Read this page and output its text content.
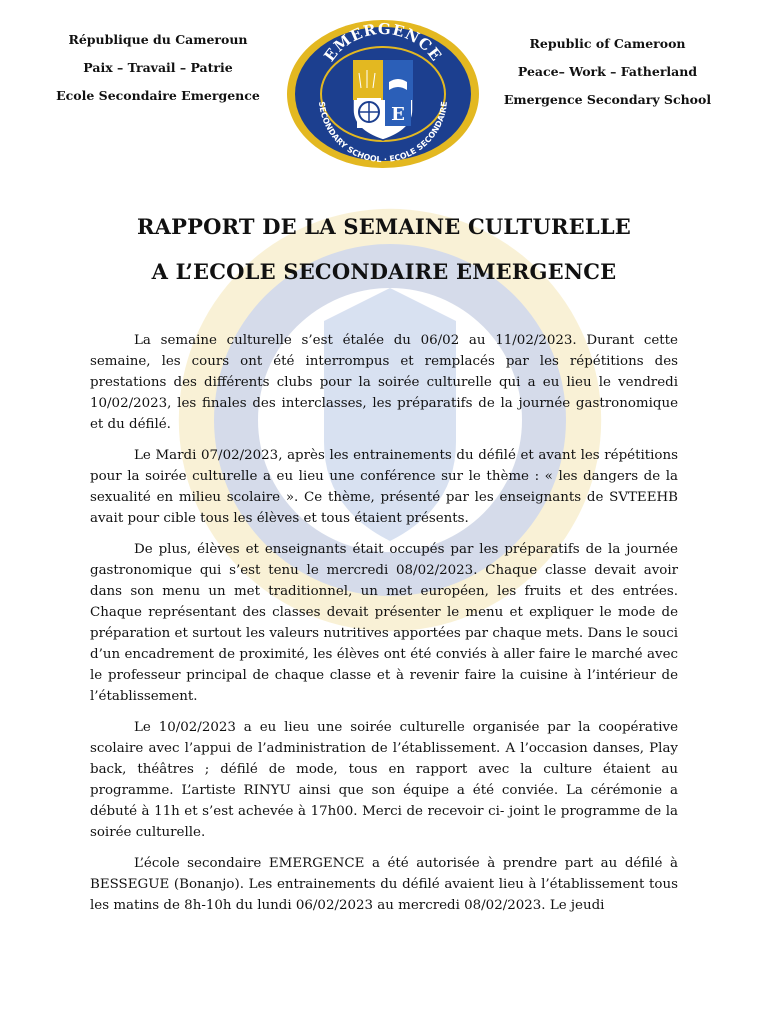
République du Cameroun
Paix – Travail – Patrie
Ecole Secondaire Emergence
EMERGENCE
SECONDARY SCHOOL · ECOLE SECONDAIRE
E
Republic of Cameroon
Peace– Work – Fatherland
Emergence Secondary School
RAPPORT DE LA SEMAINE CULTURELLE
A L’ECOLE SECONDAIRE EMERGENCE

La semaine culturelle s’est étalée du 06/02 au 11/02/2023. Durant cette semaine, les cours ont été interrompus et remplacés par les répétitions des prestations des différents clubs pour la soirée culturelle qui a eu lieu le vendredi 10/02/2023, les finales des interclasses, les préparatifs de la journée gastronomique et du défilé.

Le Mardi 07/02/2023, après les entrainements du défilé et avant les répétitions pour la soirée culturelle a eu lieu une conférence sur le thème : « les dangers de la sexualité en milieu scolaire ». Ce thème, présenté par les enseignants de SVTEEHB avait pour cible tous les élèves et tous étaient présents.

De plus, élèves et enseignants était occupés par les préparatifs de la journée gastronomique qui s’est tenu le mercredi 08/02/2023. Chaque classe devait avoir dans son menu un met traditionnel, un met européen, les fruits et des entrées. Chaque représentant des classes devait présenter le menu et expliquer le mode de préparation et surtout les valeurs nutritives apportées par chaque mets. Dans le souci d’un encadrement de proximité, les élèves ont été conviés à aller faire le marché avec le professeur principal de chaque classe et à revenir faire la cuisine à l’intérieur de l’établissement.

Le 10/02/2023 a eu lieu une soirée culturelle organisée par la coopérative scolaire avec l’appui de l’administration de l’établissement. A l’occasion danses, Play back, théâtres ; défilé de mode, tous en rapport avec la culture étaient au programme. L’artiste RINYU ainsi que son équipe a été conviée. La cérémonie a débuté à 11h et s’est achevée à 17h00. Merci de recevoir ci- joint le programme de la soirée culturelle.

L’école secondaire EMERGENCE a été autorisée à prendre part au défilé à BESSEGUE (Bonanjo). Les entrainements du défilé avaient lieu à l’établissement tous les matins de 8h-10h du lundi 06/02/2023 au mercredi 08/02/2023. Le jeudi
